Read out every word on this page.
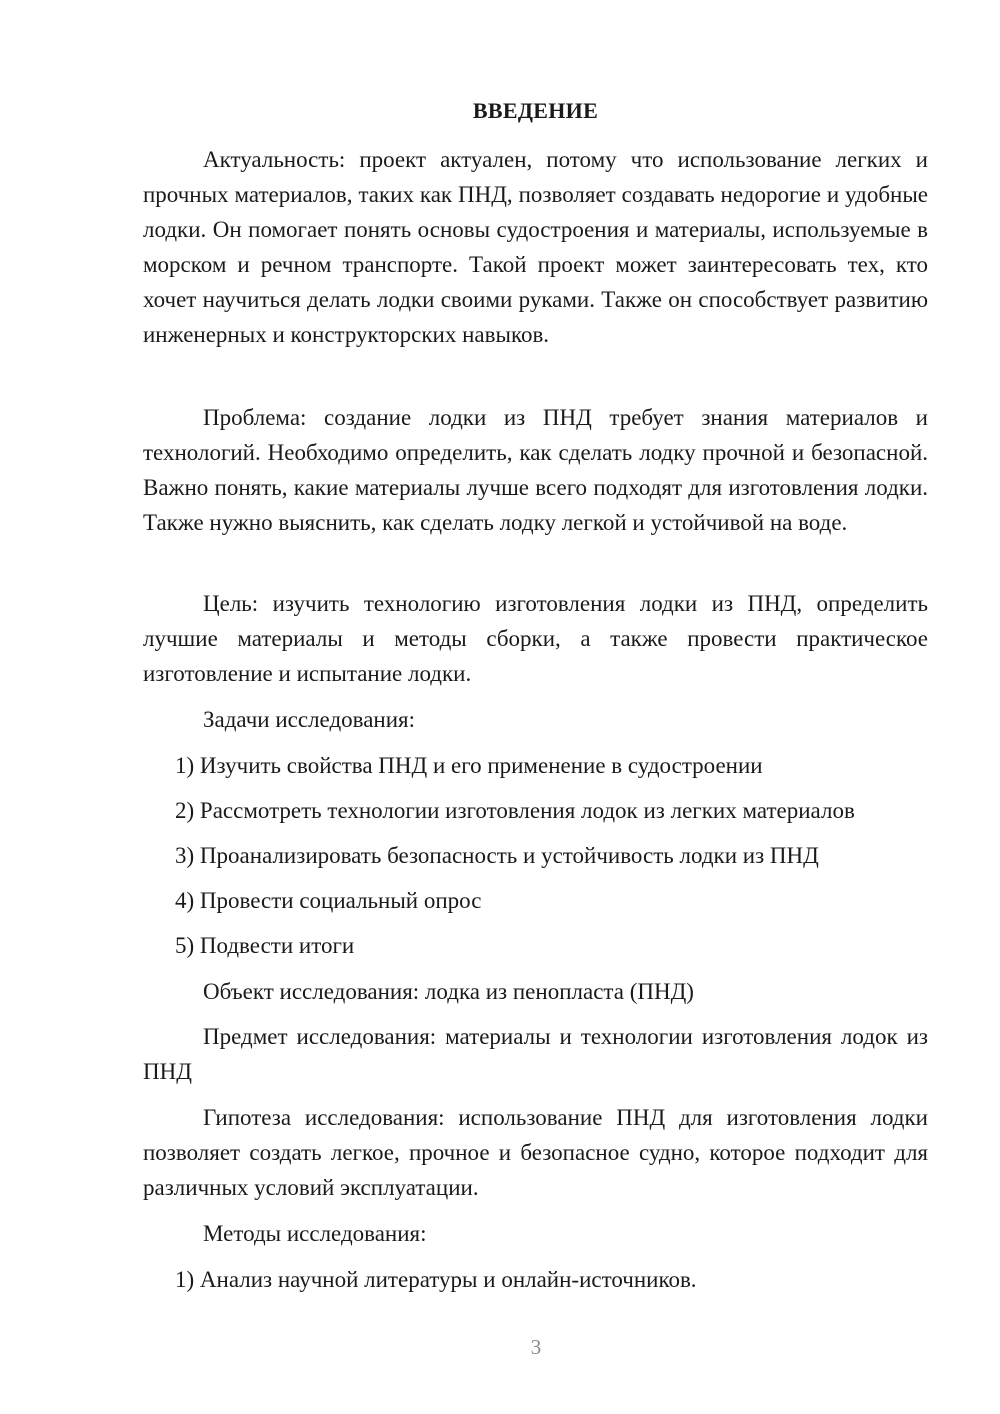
ВВЕДЕНИЕ

Актуальность: проект актуален, потому что использование легких и прочных материалов, таких как ПНД, позволяет создавать недорогие и удобные лодки. Он помогает понять основы судостроения и материалы, используемые в морском и речном транспорте. Такой проект может заинтересовать тех, кто хочет научиться делать лодки своими руками. Также он способствует развитию инженерных и конструкторских навыков.

Проблема: создание лодки из ПНД требует знания материалов и технологий. Необходимо определить, как сделать лодку прочной и безопасной. Важно понять, какие материалы лучше всего подходят для изготовления лодки. Также нужно выяснить, как сделать лодку легкой и устойчивой на воде.

Цель: изучить технологию изготовления лодки из ПНД, определить лучшие материалы и методы сборки, а также провести практическое изготовление и испытание лодки.

Задачи исследования:
1) Изучить свойства ПНД и его применение в судостроении
2) Рассмотреть технологии изготовления лодок из легких материалов
3) Проанализировать безопасность и устойчивость лодки из ПНД
4) Провести социальный опрос
5) Подвести итоги
Объект исследования: лодка из пенопласта (ПНД)

Предмет исследования: материалы и технологии изготовления лодок из ПНД

Гипотеза исследования: использование ПНД для изготовления лодки позволяет создать легкое, прочное и безопасное судно, которое подходит для различных условий эксплуатации.

Методы исследования:
1) Анализ научной литературы и онлайн-источников.
3
